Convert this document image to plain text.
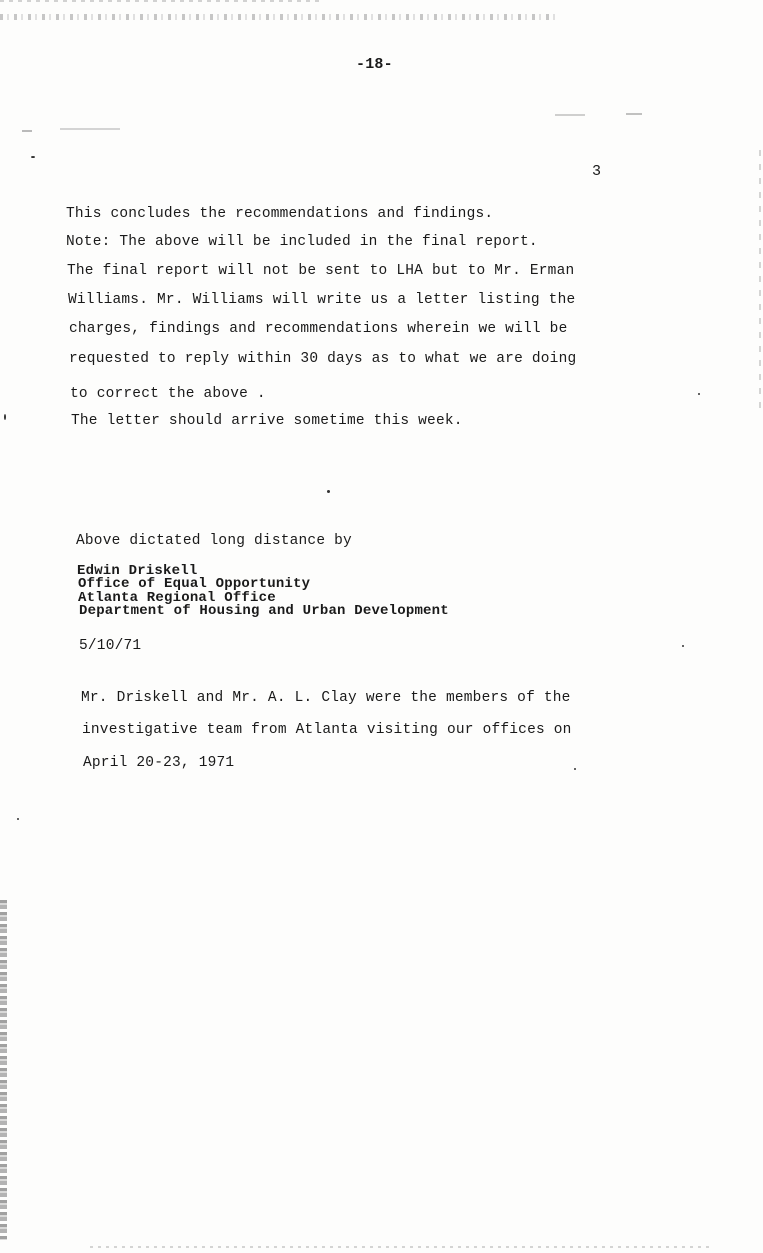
-18-
3
This concludes the recommendations and findings.
Note: The above will be included in the final report.
The final report will not be sent to LHA but to Mr. Erman
Williams. Mr. Williams will write us a letter listing the
charges, findings and recommendations wherein we will be
requested to reply within 30 days as to what we are doing
to correct the above .
The letter should arrive sometime this week.
Above dictated long distance by
Edwin Driskell
Office of Equal Opportunity
Atlanta Regional Office
Department of Housing and Urban Development
5/10/71
Mr. Driskell and Mr. A. L. Clay were the members of the
investigative team from Atlanta visiting our offices on
April 20-23, 1971
